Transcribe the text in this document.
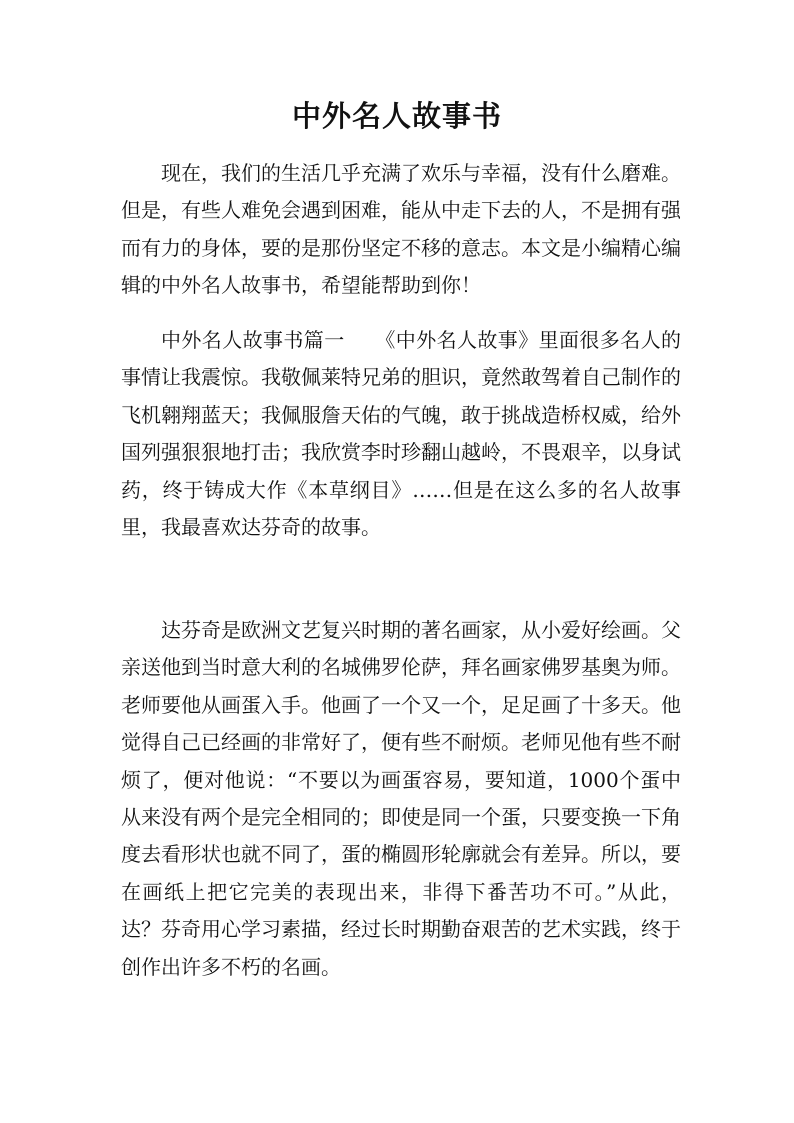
中外名人故事书
现在，我们的生活几乎充满了欢乐与幸福，没有什么磨难。但是，有些人难免会遇到困难，能从中走下去的人，不是拥有强而有力的身体，要的是那份坚定不移的意志。本文是小编精心编辑的中外名人故事书，希望能帮助到你！
中外名人故事书篇一　　《中外名人故事》里面很多名人的事情让我震惊。我敬佩莱特兄弟的胆识，竟然敢驾着自己制作的飞机翱翔蓝天；我佩服詹天佑的气魄，敢于挑战造桥权威，给外国列强狠狠地打击；我欣赏李时珍翻山越岭，不畏艰辛，以身试药，终于铸成大作《本草纲目》……但是在这么多的名人故事里，我最喜欢达芬奇的故事。
达芬奇是欧洲文艺复兴时期的著名画家，从小爱好绘画。父亲送他到当时意大利的名城佛罗伦萨，拜名画家佛罗基奥为师。老师要他从画蛋入手。他画了一个又一个，足足画了十多天。他觉得自己已经画的非常好了，便有些不耐烦。老师见他有些不耐烦了，便对他说：“不要以为画蛋容易，要知道，1000个蛋中从来没有两个是完全相同的；即使是同一个蛋，只要变换一下角度去看形状也就不同了，蛋的椭圆形轮廓就会有差异。所以，要在画纸上把它完美的表现出来，非得下番苦功不可。”从此，达？芬奇用心学习素描，经过长时期勤奋艰苦的艺术实践，终于创作出许多不朽的名画。
